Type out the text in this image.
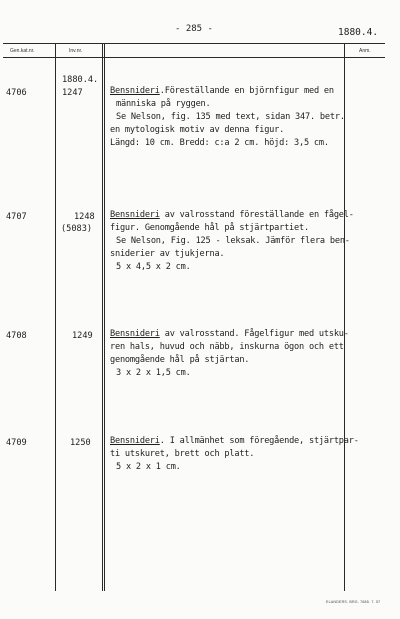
- 285 -	1880.4.
Gen.kat.nr.	Inv.nr.	Anm.
1880.4.
4706	1247	Bensnideri.Föreställande en björnfigur med en
människa på ryggen.
Se Nelson, fig. 135 med text, sidan 347. betr.
en mytologisk motiv av denna figur.
Längd: 10 cm. Bredd: c:a 2 cm. höjd: 3,5 cm.
4707	1248
(5083)
Bensnideri av valrosstand föreställande en fågel-
figur. Genomgående hål på stjärtpartiet.
Se Nelson, Fig. 125 - leksak. Jämför flera ben-
sniderier av tjukjerna.
5 x 4,5 x 2 cm.
4708	1249 Bensnideri av valrosstand. Fågelfigur med utsku-
ren hals, huvud och näbb, inskurna ögon och ett
genomgående hål på stjärtan.
3 x 2 x 1,5 cm.
4709	1250 Bensnideri. I allmänhet som föregående, stjärtpar-
ti utskuret, brett och platt.
5 x 2 x 1 cm.
ELANDERS. BRG. 7685. 7. 57
